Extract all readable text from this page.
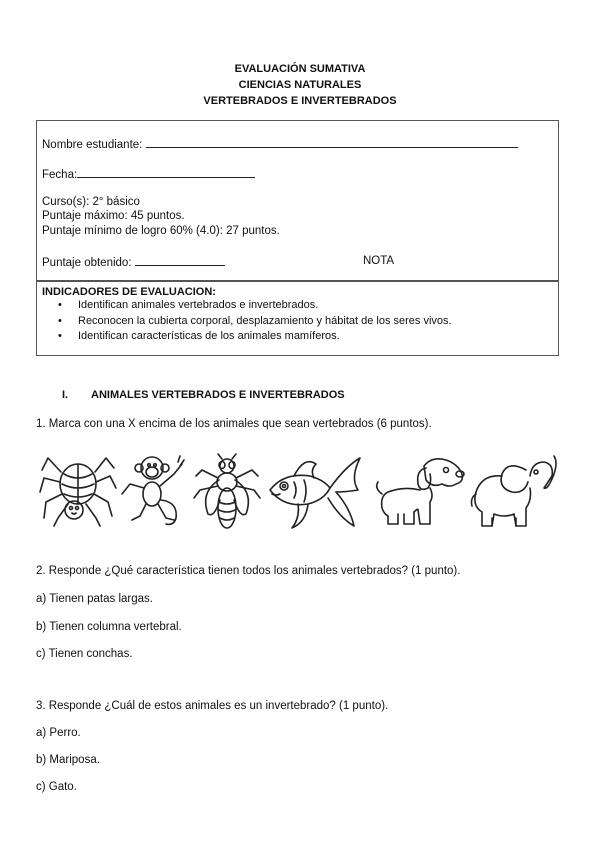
EVALUACIÓN SUMATIVA
CIENCIAS NATURALES
VERTEBRADOS E INVERTEBRADOS
Nombre estudiante:
Fecha:
Curso(s): 2° básico
Puntaje máximo: 45 puntos.
Puntaje mínimo de logro 60% (4.0): 27 puntos.
Puntaje obtenido:	NOTA
INDICADORES DE EVALUACION:
• Identifican animales vertebrados e invertebrados.
• Reconocen la cubierta corporal, desplazamiento y hábitat de los seres vivos.
• Identifican características de los animales mamíferos.
I. ANIMALES VERTEBRADOS E INVERTEBRADOS
1. Marca con una X encima de los animales que sean vertebrados (6 puntos).
2. Responde ¿Qué característica tienen todos los animales vertebrados? (1 punto).
a) Tienen patas largas.
b) Tienen columna vertebral.
c) Tienen conchas.
3. Responde ¿Cuál de estos animales es un invertebrado? (1 punto).
a) Perro.
b) Mariposa.
c) Gato.
